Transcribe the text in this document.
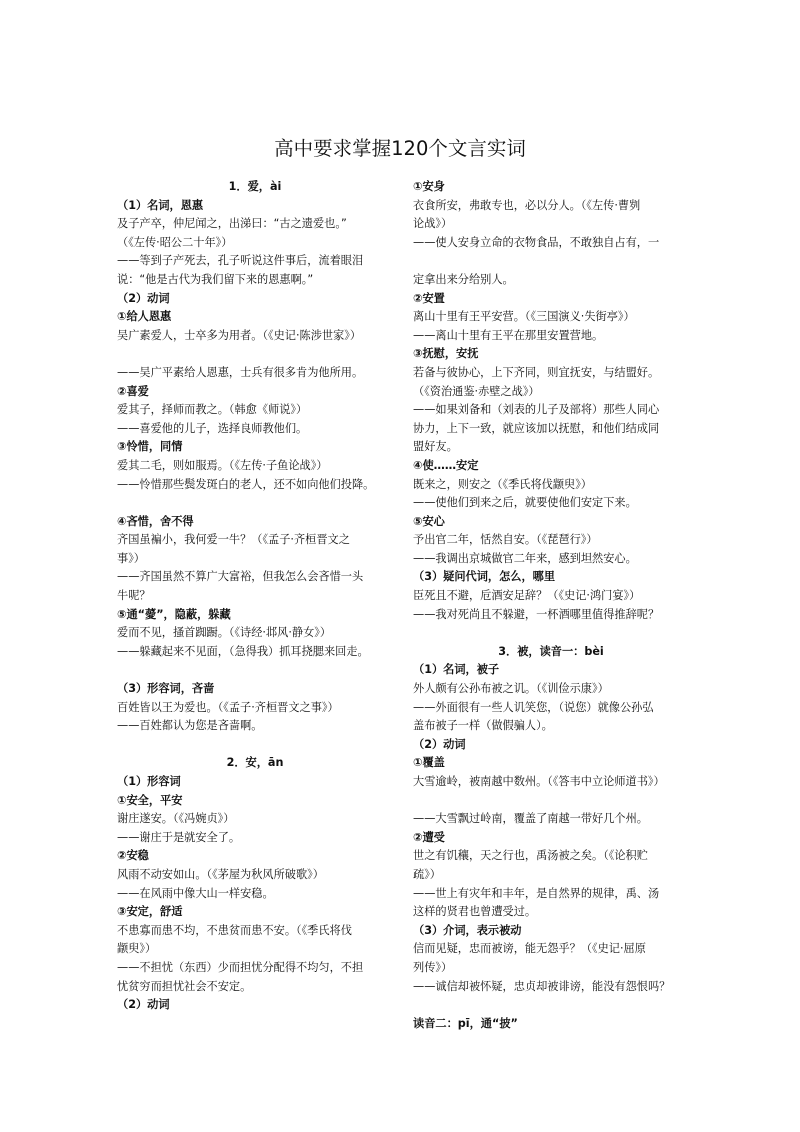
高中要求掌握120个文言实词
1．爱，ài
（1）名词，恩惠
及子产卒，仲尼闻之，出涕曰：“古之遗爱也。”
（《左传·昭公二十年》）
——等到子产死去，孔子听说这件事后，流着眼泪
说：“他是古代为我们留下来的恩惠啊。”
（2）动词
①给人恩惠
吴广素爱人，士卒多为用者。（《史记·陈涉世家》）
——吴广平素给人恩惠，士兵有很多肯为他所用。
②喜爱
爱其子，择师而教之。（韩愈《师说》）
——喜爱他的儿子，选择良师教他们。
③怜惜，同情
爱其二毛，则如服焉。（《左传·子鱼论战》）
——怜惜那些鬓发斑白的老人，还不如向他们投降。
④吝惜，舍不得
齐国虽褊小，我何爱一牛？（《孟子·齐桓晋文之
事》）
——齐国虽然不算广大富裕，但我怎么会吝惜一头
牛呢？
⑤通“薆”，隐蔽，躲藏
爱而不见，搔首踟蹰。（《诗经·邶风·静女》）
——躲藏起来不见面，（急得我）抓耳挠腮来回走。
（3）形容词，吝啬
百姓皆以王为爱也。（《孟子·齐桓晋文之事》）
——百姓都认为您是吝啬啊。
2．安，ān
（1）形容词
①安全，平安
谢庄遂安。（《冯婉贞》）
——谢庄于是就安全了。
②安稳
风雨不动安如山。（《茅屋为秋风所破歌》）
——在风雨中像大山一样安稳。
③安定，舒适
不患寡而患不均，不患贫而患不安。（《季氏将伐
颛臾》）
——不担忧（东西）少而担忧分配得不均匀，不担
忧贫穷而担忧社会不安定。
（2）动词
①安身
衣食所安，弗敢专也，必以分人。（《左传·曹刿
论战》）
——使人安身立命的衣物食品，不敢独自占有，一
定拿出来分给别人。
②安置
离山十里有王平安营。（《三国演义·失街亭》）
——离山十里有王平在那里安置营地。
③抚慰，安抚
若备与彼协心，上下齐同，则宜抚安，与结盟好。
（《资治通鉴·赤壁之战》）
——如果刘备和（刘表的儿子及部将）那些人同心
协力，上下一致，就应该加以抚慰，和他们结成同
盟好友。
④使……安定
既来之，则安之（《季氏将伐颛臾》）
——使他们到来之后，就要使他们安定下来。
⑤安心
予出官二年，恬然自安。（《琵琶行》）
——我调出京城做官二年来，感到坦然安心。
（3）疑问代词，怎么，哪里
臣死且不避，卮酒安足辞？（《史记·鸿门宴》）
——我对死尚且不躲避，一杯酒哪里值得推辞呢？
3．被，读音一：bèi
（1）名词，被子
外人颇有公孙布被之讥。（《训俭示康》）
——外面很有一些人讥笑您，（说您）就像公孙弘
盖布被子一样（做假骗人）。
（2）动词
①覆盖
大雪逾岭，被南越中数州。（《答韦中立论师道书》）
——大雪飘过岭南，覆盖了南越一带好几个州。
②遭受
世之有饥穰，天之行也，禹汤被之矣。（《论积贮
疏》）
——世上有灾年和丰年，是自然界的规律，禹、汤
这样的贤君也曾遭受过。
（3）介词，表示被动
信而见疑，忠而被谤，能无怨乎？（《史记·屈原
列传》）
——诚信却被怀疑，忠贞却被诽谤，能没有怨恨吗？
读音二：pī，通“披”
